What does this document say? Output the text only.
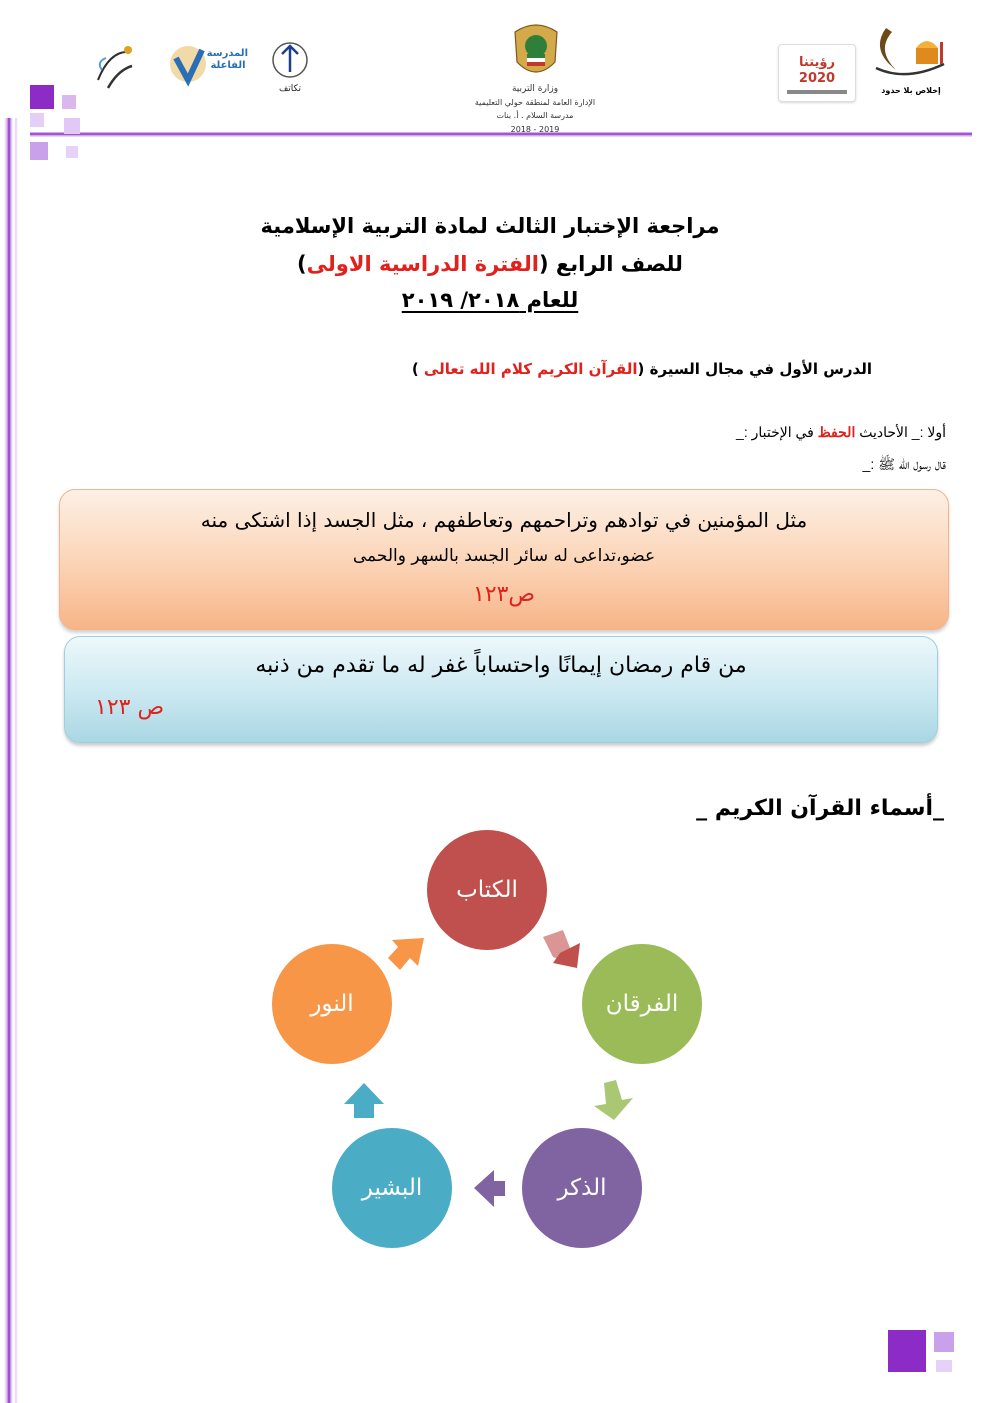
المدرسة الفاعلة
تكاتف	وزارة التربية
الإدارة العامة لمنطقة حولي التعليمية
مدرسة السلام . أ. بنات
2018 - 2019
رؤيتنا 2020
إخلاص بلا حدود
مراجعة الإختبار الثالث لمادة التربية الإسلامية
للصف الرابع (الفترة الدراسية الاولى)
للعام ٢٠١٨/ ٢٠١٩
الدرس الأول في مجال السيرة (القرآن الكريم كلام الله تعالى )
أولا :_ الأحاديث الحفظ في الإختبار :_
قال رسول الله ﷺ :_
مثل المؤمنين في توادهم وتراحمهم وتعاطفهم ، مثل الجسد إذا اشتكى منه
عضو،تداعى له سائر الجسد بالسهر والحمى
ص١٢٣
من قام رمضان إيمانًا واحتساباً غفر له ما تقدم من ذنبه
ص ١٢٣
_أسماء القرآن الكريم _
الكتاب
الفرقان
الذكر
البشير
النور
